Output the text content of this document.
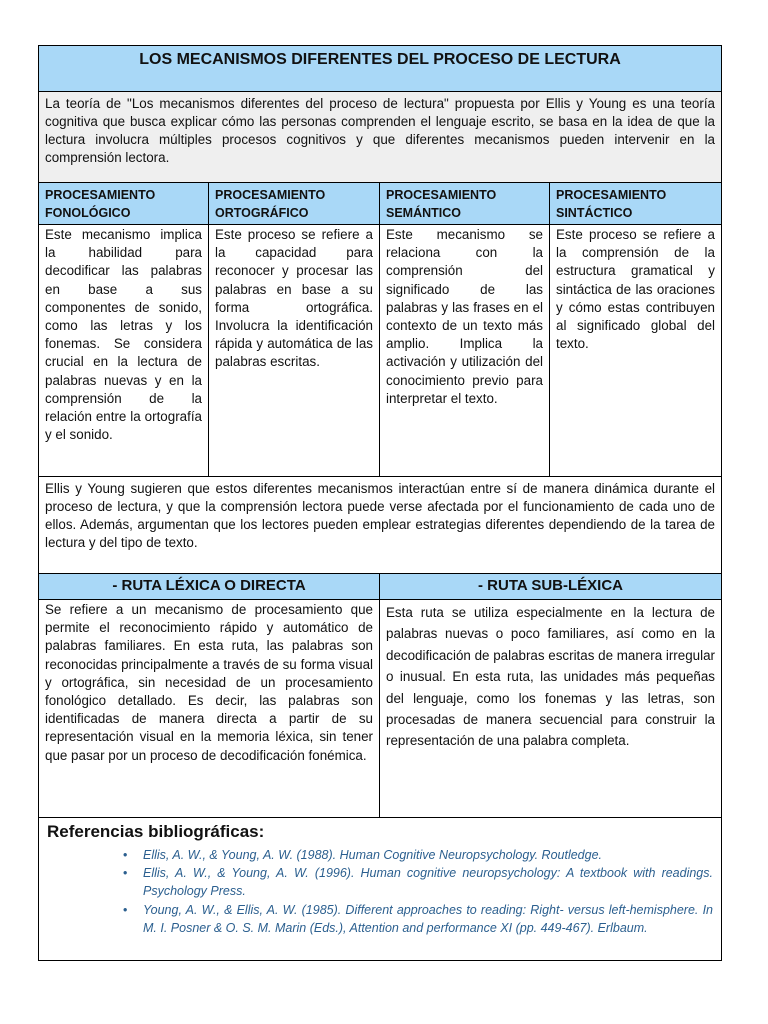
LOS MECANISMOS DIFERENTES DEL PROCESO DE LECTURA
La teoría de "Los mecanismos diferentes del proceso de lectura" propuesta por Ellis y Young es una teoría cognitiva que busca explicar cómo las personas comprenden el lenguaje escrito, se basa en la idea de que la lectura involucra múltiples procesos cognitivos y que diferentes mecanismos pueden intervenir en la comprensión lectora.
PROCESAMIENTO FONOLÓGICO
PROCESAMIENTO ORTOGRÁFICO
PROCESAMIENTO SEMÁNTICO
PROCESAMIENTO SINTÁCTICO
Este mecanismo implica la habilidad para decodificar las palabras en base a sus componentes de sonido, como las letras y los fonemas. Se considera crucial en la lectura de palabras nuevas y en la comprensión de la relación entre la ortografía y el sonido.
Este proceso se refiere a la capacidad para reconocer y procesar las palabras en base a su forma ortográfica. Involucra la identificación rápida y automática de las palabras escritas.
Este mecanismo se relaciona con la comprensión del significado de las palabras y las frases en el contexto de un texto más amplio. Implica la activación y utilización del conocimiento previo para interpretar el texto.
Este proceso se refiere a la comprensión de la estructura gramatical y sintáctica de las oraciones y cómo estas contribuyen al significado global del texto.
Ellis y Young sugieren que estos diferentes mecanismos interactúan entre sí de manera dinámica durante el proceso de lectura, y que la comprensión lectora puede verse afectada por el funcionamiento de cada uno de ellos. Además, argumentan que los lectores pueden emplear estrategias diferentes dependiendo de la tarea de lectura y del tipo de texto.
- RUTA LÉXICA O DIRECTA	- RUTA SUB-LÉXICA
Se refiere a un mecanismo de procesamiento que permite el reconocimiento rápido y automático de palabras familiares. En esta ruta, las palabras son reconocidas principalmente a través de su forma visual y ortográfica, sin necesidad de un procesamiento fonológico detallado. Es decir, las palabras son identificadas de manera directa a partir de su representación visual en la memoria léxica, sin tener que pasar por un proceso de decodificación fonémica.
Esta ruta se utiliza especialmente en la lectura de palabras nuevas o poco familiares, así como en la decodificación de palabras escritas de manera irregular o inusual. En esta ruta, las unidades más pequeñas del lenguaje, como los fonemas y las letras, son procesadas de manera secuencial para construir la representación de una palabra completa.
Referencias bibliográficas:
• Ellis, A. W., & Young, A. W. (1988). Human Cognitive Neuropsychology. Routledge.
• Ellis, A. W., & Young, A. W. (1996). Human cognitive neuropsychology: A textbook with readings. Psychology Press.
• Young, A. W., & Ellis, A. W. (1985). Different approaches to reading: Right- versus left-hemisphere. In M. I. Posner & O. S. M. Marin (Eds.), Attention and performance XI (pp. 449-467). Erlbaum.
